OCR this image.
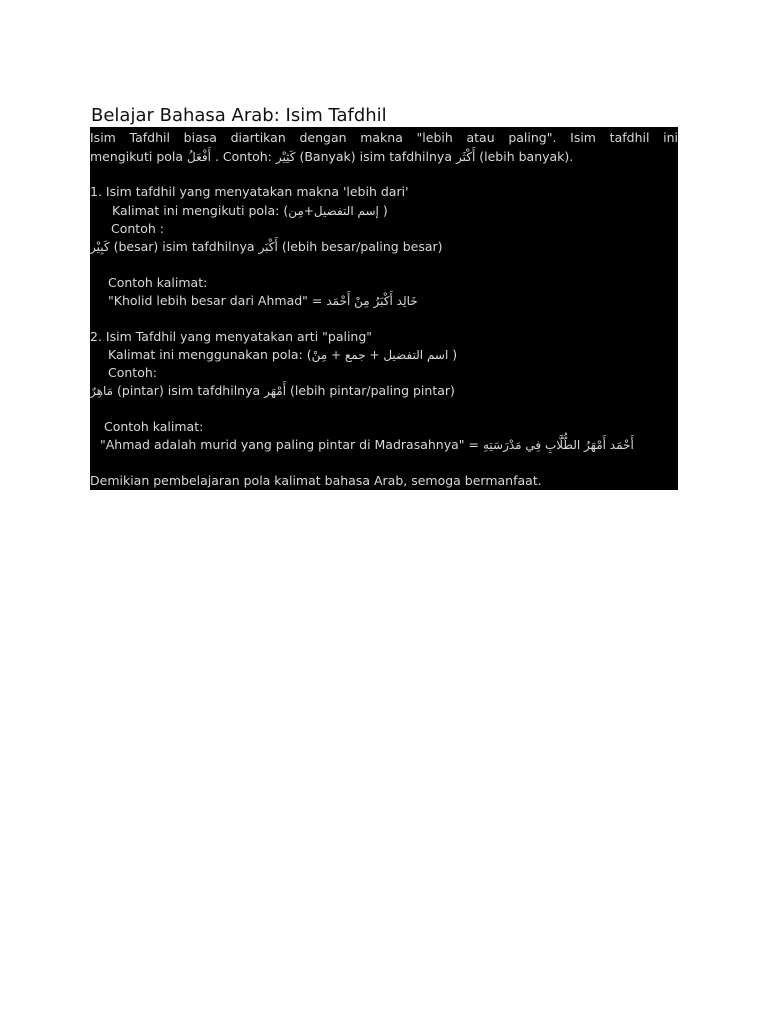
Belajar Bahasa Arab: Isim Tafdhil
Isim Tafdhil biasa diartikan dengan makna "lebih atau paling". Isim tafdhil ini
mengikuti pola أَفْعَلُ . Contoh: كَثِيْر (Banyak) isim tafdhilnya أَكْثَر (lebih banyak).
1. Isim tafdhil yang menyatakan makna 'lebih dari'
Kalimat ini mengikuti pola: (إسم التفضيل+مِن )
Contoh :
كَبِيْر (besar) isim tafdhilnya أَكْبَر (lebih besar/paling besar)
Contoh kalimat:
"Kholid lebih besar dari Ahmad" = خَالِد أَكْبَرُ مِنْ أَحْمَد
2. Isim Tafdhil yang menyatakan arti "paling"
Kalimat ini menggunakan pola: (اسم التفضيل + جمع + مِنْ )
Contoh:
مَاهِرٌ (pintar) isim tafdhilnya أَمْهَر (lebih pintar/paling pintar)
Contoh kalimat:
"Ahmad adalah murid yang paling pintar di Madrasahnya" = أَحْمَد أَمْهَرُ الطُّلَّابِ فِي مَدْرَسَتِهِ
Demikian pembelajaran pola kalimat bahasa Arab, semoga bermanfaat.
